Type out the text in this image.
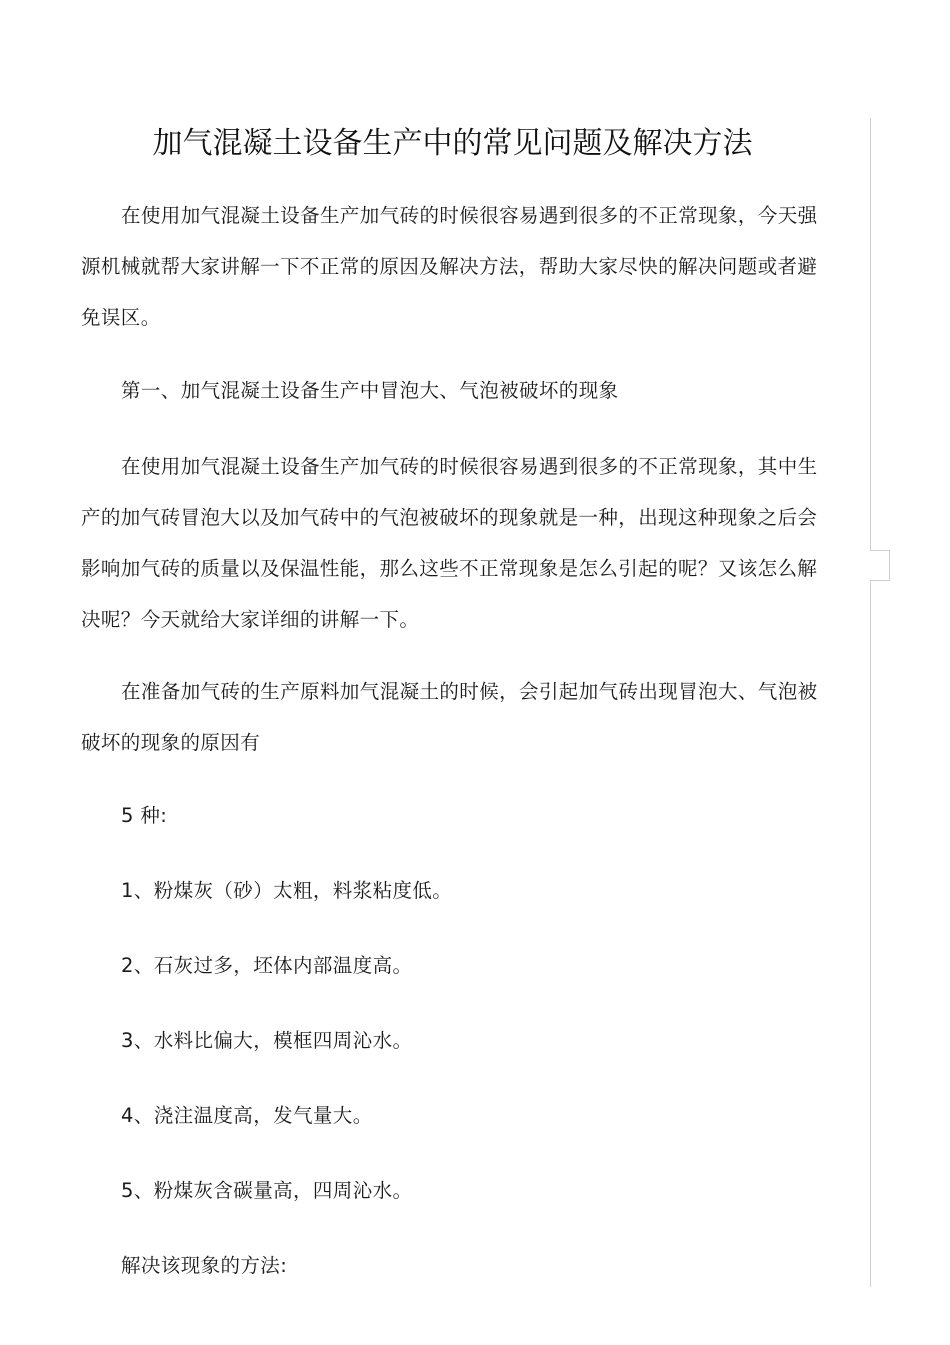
加气混凝土设备生产中的常见问题及解决方法

在使用加气混凝土设备生产加气砖的时候很容易遇到很多的不正常现象，今天强源机械就帮大家讲解一下不正常的原因及解决方法，帮助大家尽快的解决问题或者避免误区。

第一、加气混凝土设备生产中冒泡大、气泡被破坏的现象

在使用加气混凝土设备生产加气砖的时候很容易遇到很多的不正常现象，其中生产的加气砖冒泡大以及加气砖中的气泡被破坏的现象就是一种，出现这种现象之后会影响加气砖的质量以及保温性能，那么这些不正常现象是怎么引起的呢？又该怎么解决呢？今天就给大家详细的讲解一下。

在准备加气砖的生产原料加气混凝土的时候，会引起加气砖出现冒泡大、气泡被破坏的现象的原因有

5 种:

1、粉煤灰（砂）太粗，料浆粘度低。

2、石灰过多，坯体内部温度高。

3、水料比偏大，模框四周沁水。

4、浇注温度高，发气量大。

5、粉煤灰含碳量高，四周沁水。

解决该现象的方法:
